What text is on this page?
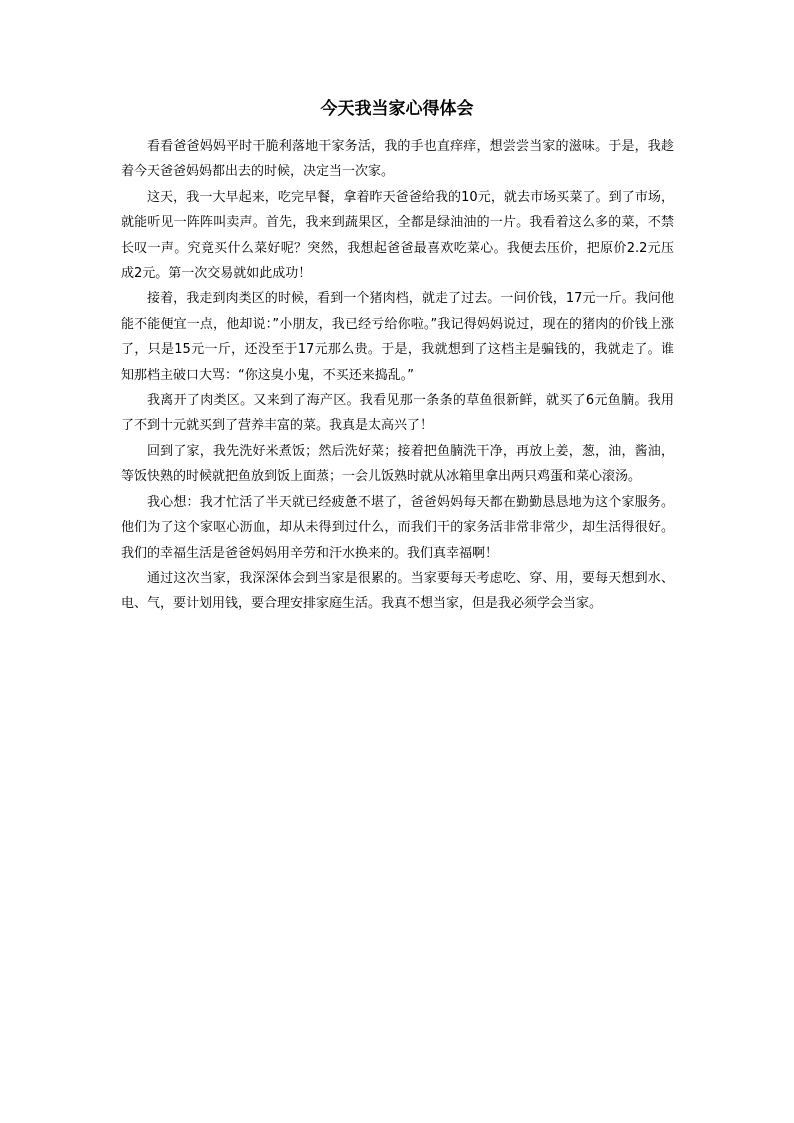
今天我当家心得体会

看看爸爸妈妈平时干脆利落地干家务活，我的手也直痒痒，想尝尝当家的滋味。于是，我趁着今天爸爸妈妈都出去的时候，决定当一次家。

这天，我一大早起来，吃完早餐，拿着昨天爸爸给我的10元，就去市场买菜了。到了市场，就能听见一阵阵叫卖声。首先，我来到蔬果区，全都是绿油油的一片。我看着这么多的菜，不禁长叹一声。究竟买什么菜好呢？突然，我想起爸爸最喜欢吃菜心。我便去压价，把原价2.2元压成2元。第一次交易就如此成功！

接着，我走到肉类区的时候，看到一个猪肉档，就走了过去。一问价钱，17元一斤。我问他能不能便宜一点，他却说：”小朋友，我已经亏给你啦。”我记得妈妈说过，现在的猪肉的价钱上涨了，只是15元一斤，还没至于17元那么贵。于是，我就想到了这档主是骗钱的，我就走了。谁知那档主破口大骂：“你这臭小鬼，不买还来捣乱。”

我离开了肉类区。又来到了海产区。我看见那一条条的草鱼很新鲜，就买了6元鱼腩。我用了不到十元就买到了营养丰富的菜。我真是太高兴了！

回到了家，我先洗好米煮饭；然后洗好菜；接着把鱼腩洗干净，再放上姜，葱，油，酱油，等饭快熟的时候就把鱼放到饭上面蒸；一会儿饭熟时就从冰箱里拿出两只鸡蛋和菜心滚汤。

我心想：我才忙活了半天就已经疲惫不堪了，爸爸妈妈每天都在勤勤恳恳地为这个家服务。他们为了这个家呕心沥血，却从未得到过什么，而我们干的家务活非常非常少，却生活得很好。我们的幸福生活是爸爸妈妈用辛劳和汗水换来的。我们真幸福啊！

通过这次当家，我深深体会到当家是很累的。当家要每天考虑吃、穿、用，要每天想到水、电、气，要计划用钱，要合理安排家庭生活。我真不想当家，但是我必须学会当家。
